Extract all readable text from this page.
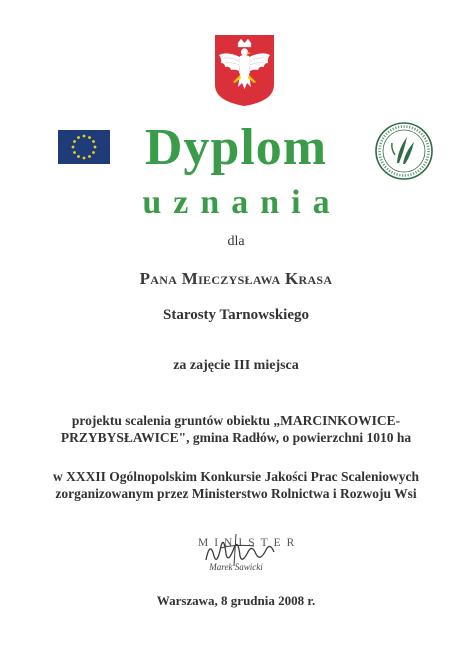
Dyplom
uznania
dla
Pana Mieczysława Krasa
Starosty Tarnowskiego
za zajęcie III miejsca
projektu scalenia gruntów obiektu „MARCINKOWICE-
PRZYBYSŁAWICE", gmina Radłów, o powierzchni 1010 ha
w XXXII Ogólnopolskim Konkursie Jakości Prac Scaleniowych
zorganizowanym przez Ministerstwo Rolnictwa i Rozwoju Wsi
MINISTER
Marek Sawicki
Warszawa, 8 grudnia 2008 r.
